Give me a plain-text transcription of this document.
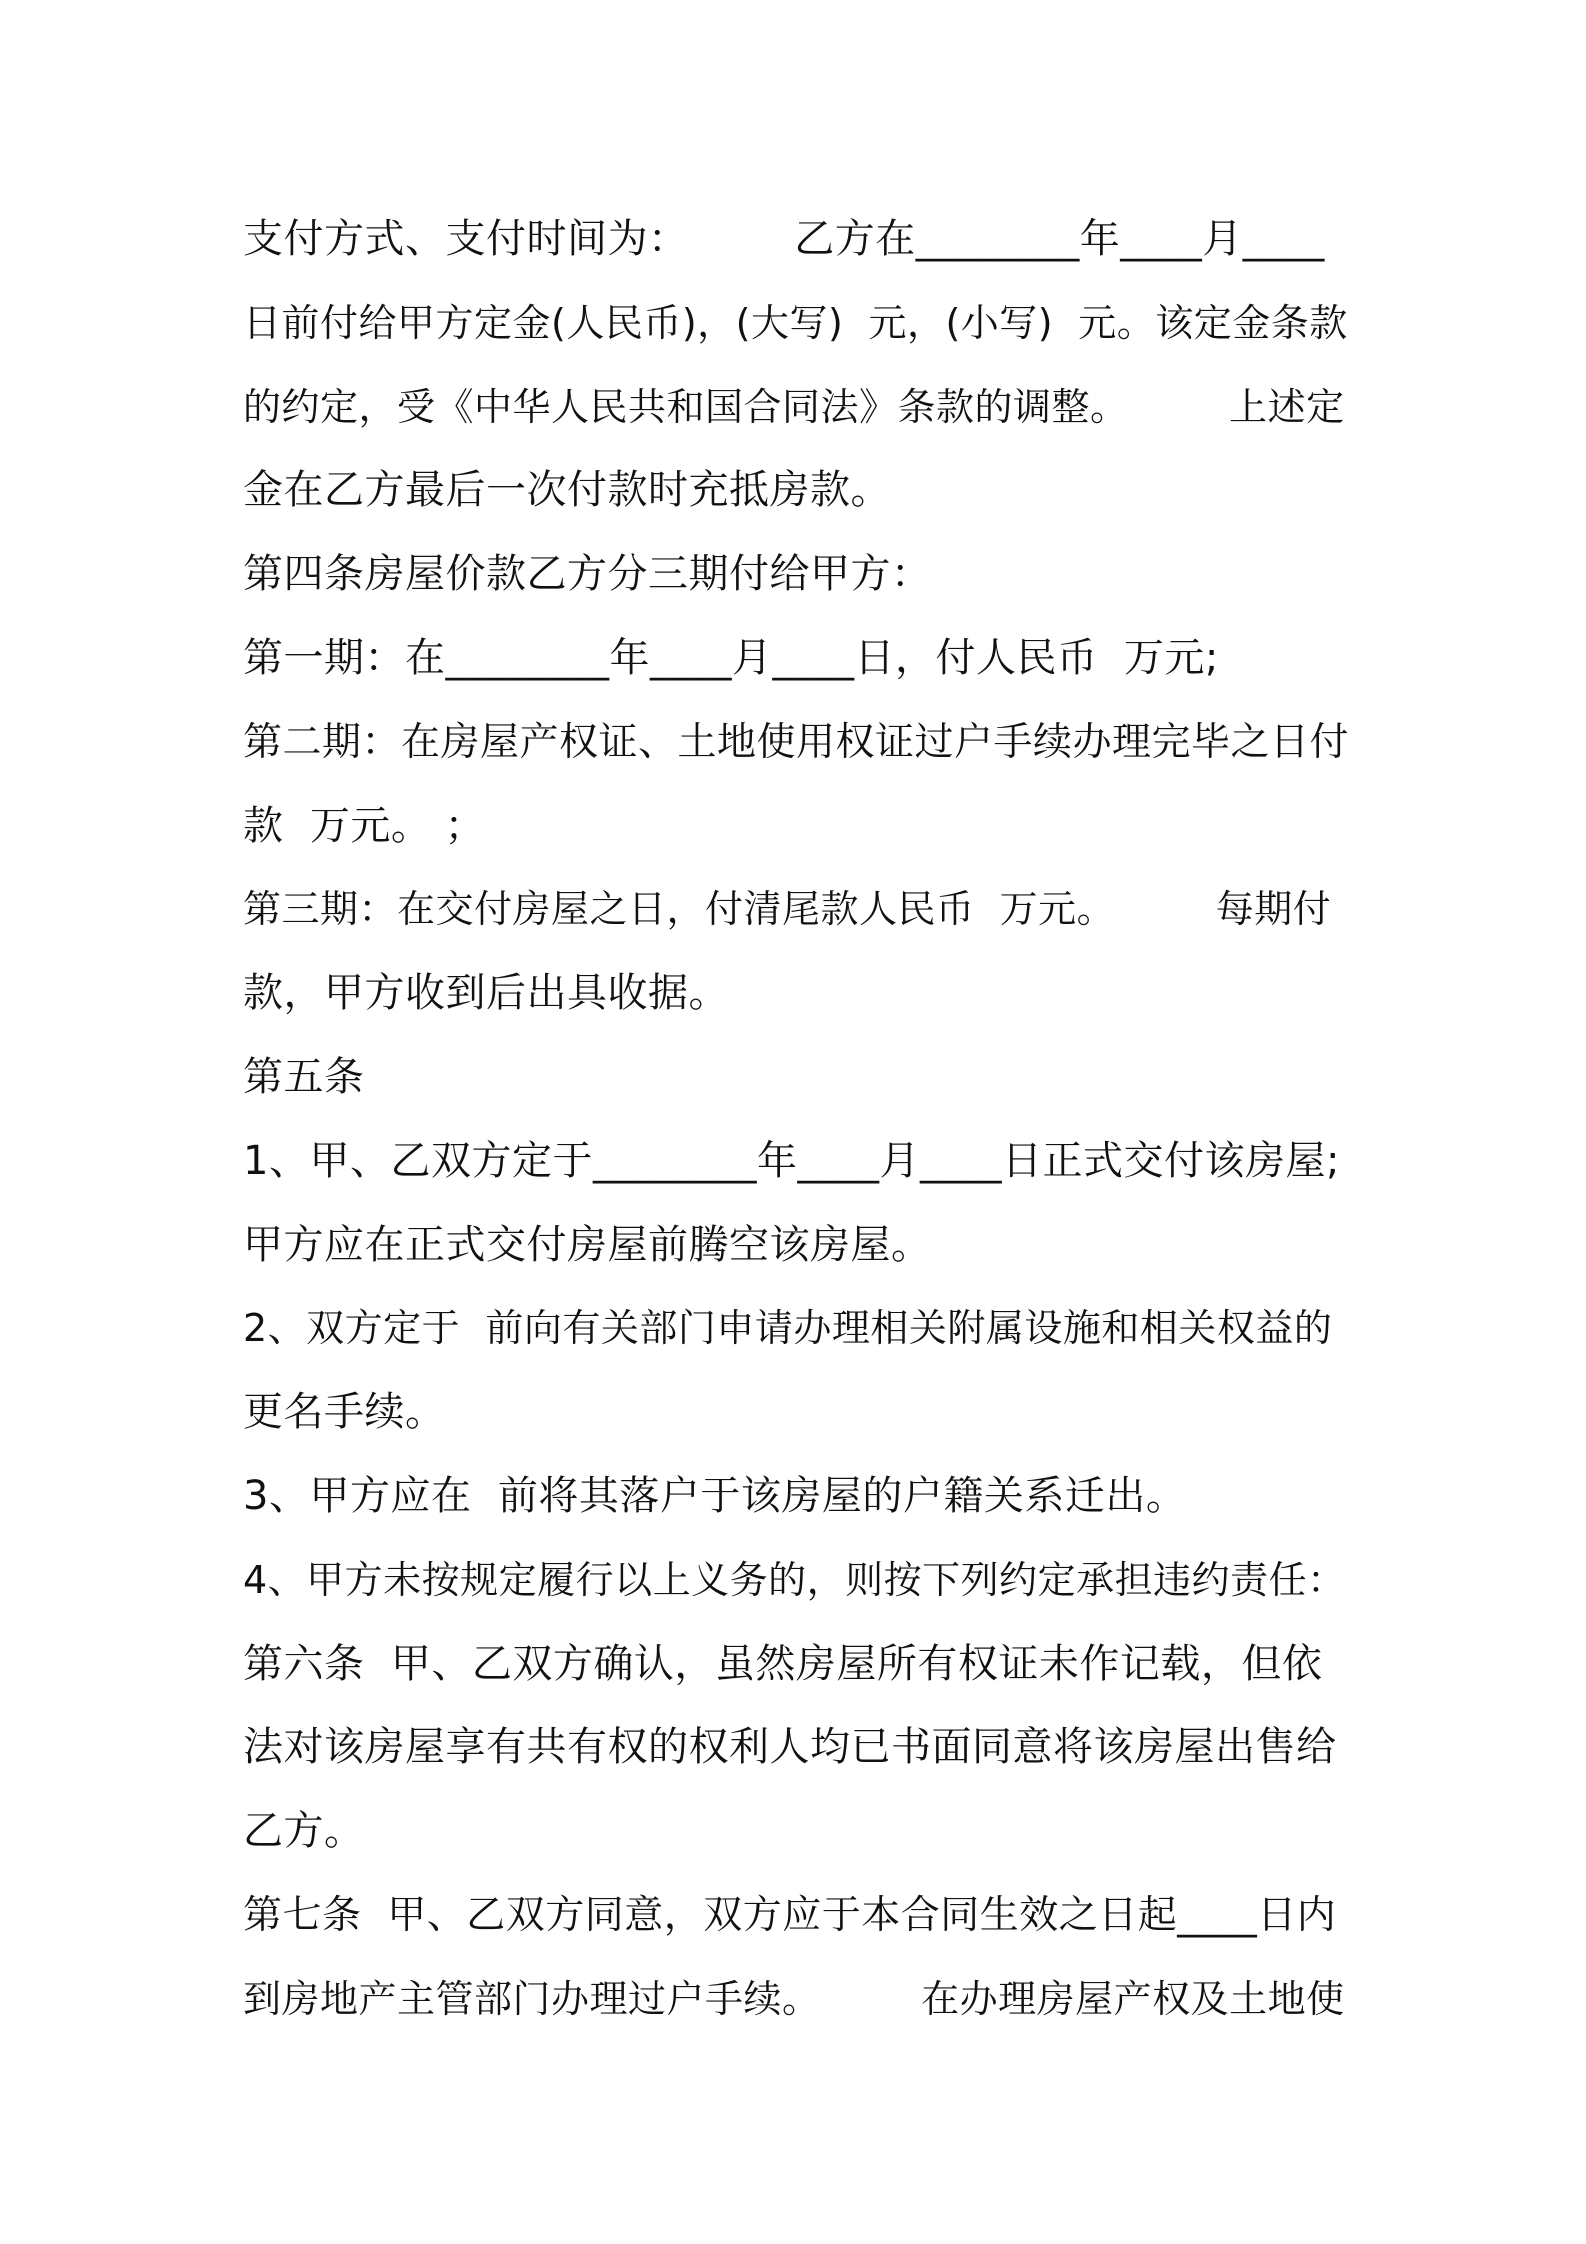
支付方式、支付时间为：        乙方在________年____月____
日前付给甲方定金(人民币)，(大写)  元，(小写)  元。该定金条款
的约定，受《中华人民共和国合同法》条款的调整。        上述定
金在乙方最后一次付款时充抵房款。
第四条房屋价款乙方分三期付给甲方：
第一期：在________年____月____日，付人民币  万元;
第二期：在房屋产权证、土地使用权证过户手续办理完毕之日付
款  万元。 ；
第三期：在交付房屋之日，付清尾款人民币  万元。        每期付
款，甲方收到后出具收据。
第五条
1、甲、乙双方定于________年____月____日正式交付该房屋;
甲方应在正式交付房屋前腾空该房屋。
2、双方定于  前向有关部门申请办理相关附属设施和相关权益的
更名手续。
3、甲方应在  前将其落户于该房屋的户籍关系迁出。
4、甲方未按规定履行以上义务的，则按下列约定承担违约责任：
第六条  甲、乙双方确认，虽然房屋所有权证未作记载，但依
法对该房屋享有共有权的权利人均已书面同意将该房屋出售给
乙方。
第七条  甲、乙双方同意，双方应于本合同生效之日起____日内
到房地产主管部门办理过户手续。        在办理房屋产权及土地使
